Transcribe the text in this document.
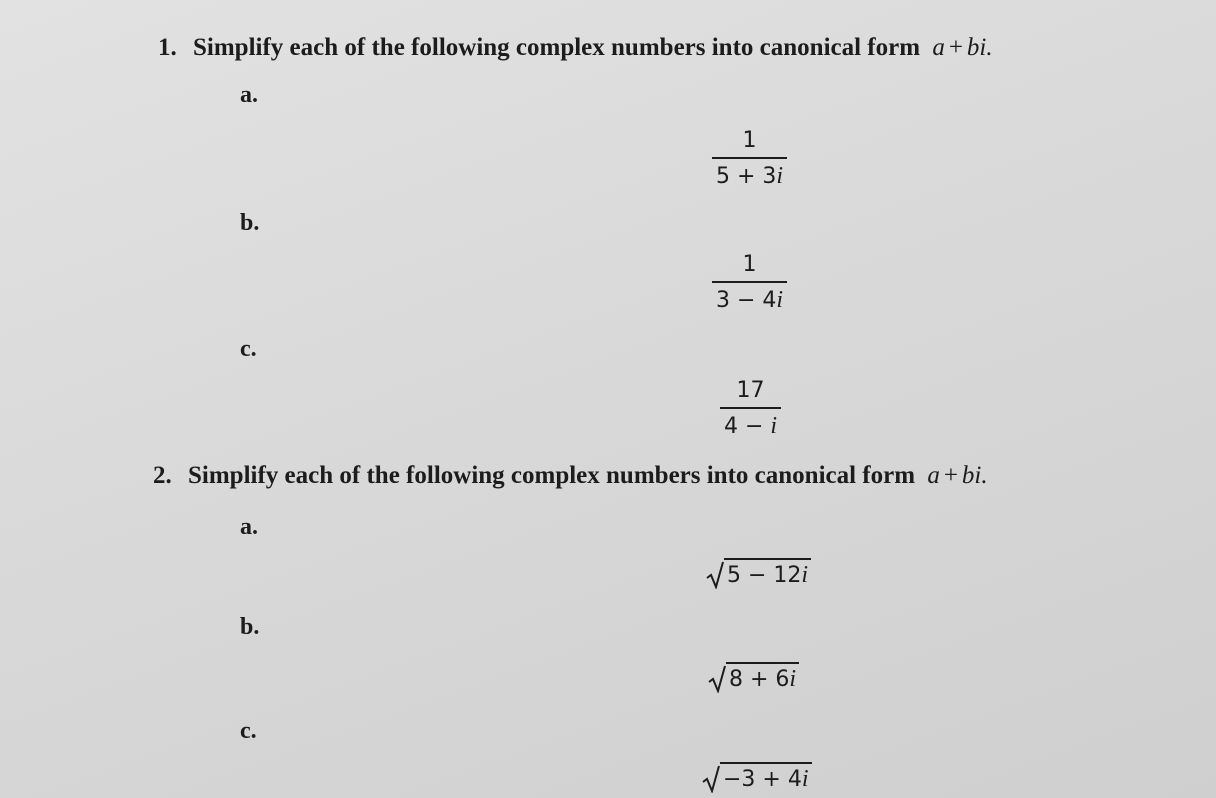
1. Simplify each of the following complex numbers into canonical form a + bi.
a.
1
5 + 3i
b.
1
3 − 4i
c.
17
4 − i
2. Simplify each of the following complex numbers into canonical form a + bi.
a.
5 − 12i
b.
8 + 6i
c.
−3 + 4i
